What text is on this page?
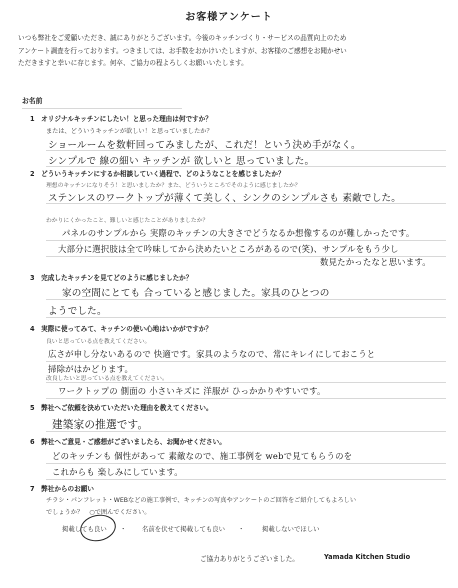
お客様アンケート
いつも弊社をご愛顧いただき、誠にありがとうございます。今後のキッチンづくり・サービスの品質向上のため
アンケート調査を行っております。つきましては、お手数をおかけいたしますが、お客様のご感想をお聞かせい
ただきますと幸いに存じます。何卒、ご協力の程よろしくお願いいたします。
お名前
1　オリジナルキッチンにしたい！と思った理由は何ですか？
または、どういうキッチンが欲しい！と思っていましたか？
ショールームを数軒回ってみましたが、これだ！という決め手がなく。
シンプルで 線の細い キッチンが 欲しいと 思っていました。
2　どういうキッチンにするか相談していく過程で、どのようなことを感じましたか？
理想のキッチンになりそう！と思いましたか？また、どういうところでそのように感じましたか？
ステンレスのワークトップが薄くて美しく、シンクのシンプルさも 素敵でした。
わかりにくかったこと、難しいと感じたことがありましたか？
パネルのサンプルから 実際のキッチンの大きさでどうなるか想像するのが難しかったです。
大部分に選択肢は全て吟味してから決めたいところがあるので(笑)、サンプルをもう少し
数見たかったなと思います。
3　完成したキッチンを見てどのように感じましたか？
家の空間にとても 合っていると感じました。家具のひとつの
ようでした。
4　実際に使ってみて、キッチンの使い心地はいかがですか？
良いと思っている点を教えてください。
広さが申し分ないあるので 快適です。家具のようなので、常にキレイにしておこうと
掃除がはかどります。
改良したいと思っている点を教えてください。
ワークトップの 側面の 小さいキズに 洋服が ひっかかりやすいです。
5　弊社へご依頼を決めていただいた理由を教えてください。
建築家の推選です。
6　弊社へご意見・ご感想がございましたら、お聞かせください。
どのキッチンも 個性があって 素敵なので、施工事例を webで見てもらうのを
これからも 楽しみにしています。
7　弊社からのお願い
チラシ・パンフレット・WEBなどの施工事例で、キッチンの写真やアンケートのご回答をご紹介してもよろしい
でしょうか？　○で囲んでください。
掲載しても良い ・ 名前を伏せて掲載しても良い ・	掲載しないでほしい
ご協力ありがとうございました。	Yamada Kitchen Studio
